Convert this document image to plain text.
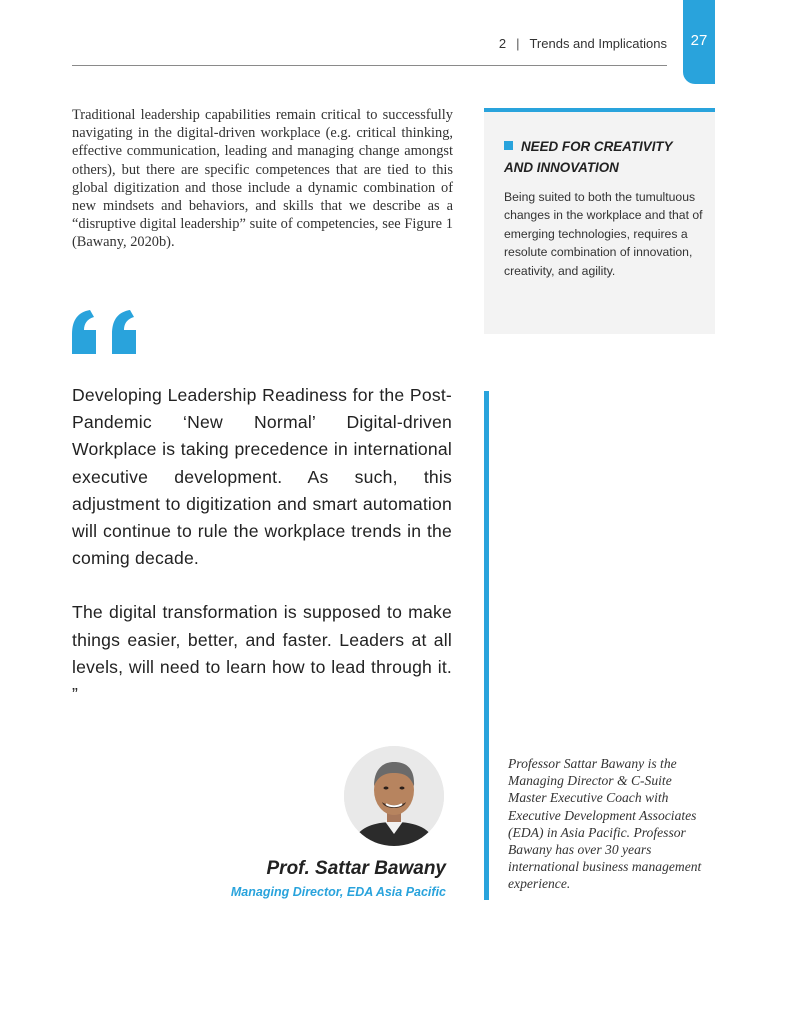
2 | Trends and Implications	27

Traditional leadership capabilities remain critical to successfully navigating in the digital-driven workplace (e.g. critical thinking, effective communication, leading and managing change amongst others), but there are specific competences that are tied to this global digitization and those include a dynamic combination of new mindsets and behaviors, and skills that we describe as a “disruptive digital leadership” suite of competencies, see Figure 1 (Bawany, 2020b).

NEED FOR CREATIVITY AND INNOVATION
Being suited to both the tumultuous changes in the workplace and that of emerging technologies, requires a resolute combination of innovation, creativity, and agility.

Developing Leadership Readiness for the Post-Pandemic ‘New Normal’ Digital-driven Workplace is taking precedence in international executive development. As such, this adjustment to digitization and smart automation will continue to rule the workplace trends in the coming decade.

The digital transformation is supposed to make things easier, better, and faster. Leaders at all levels, will need to learn how to lead through it. ”

Prof. Sattar Bawany
Managing Director, EDA Asia Pacific

Professor Sattar Bawany is the Managing Director & C-Suite Master Executive Coach with Executive Development Associates (EDA) in Asia Pacific. Professor Bawany has over 30 years international business management experience.
